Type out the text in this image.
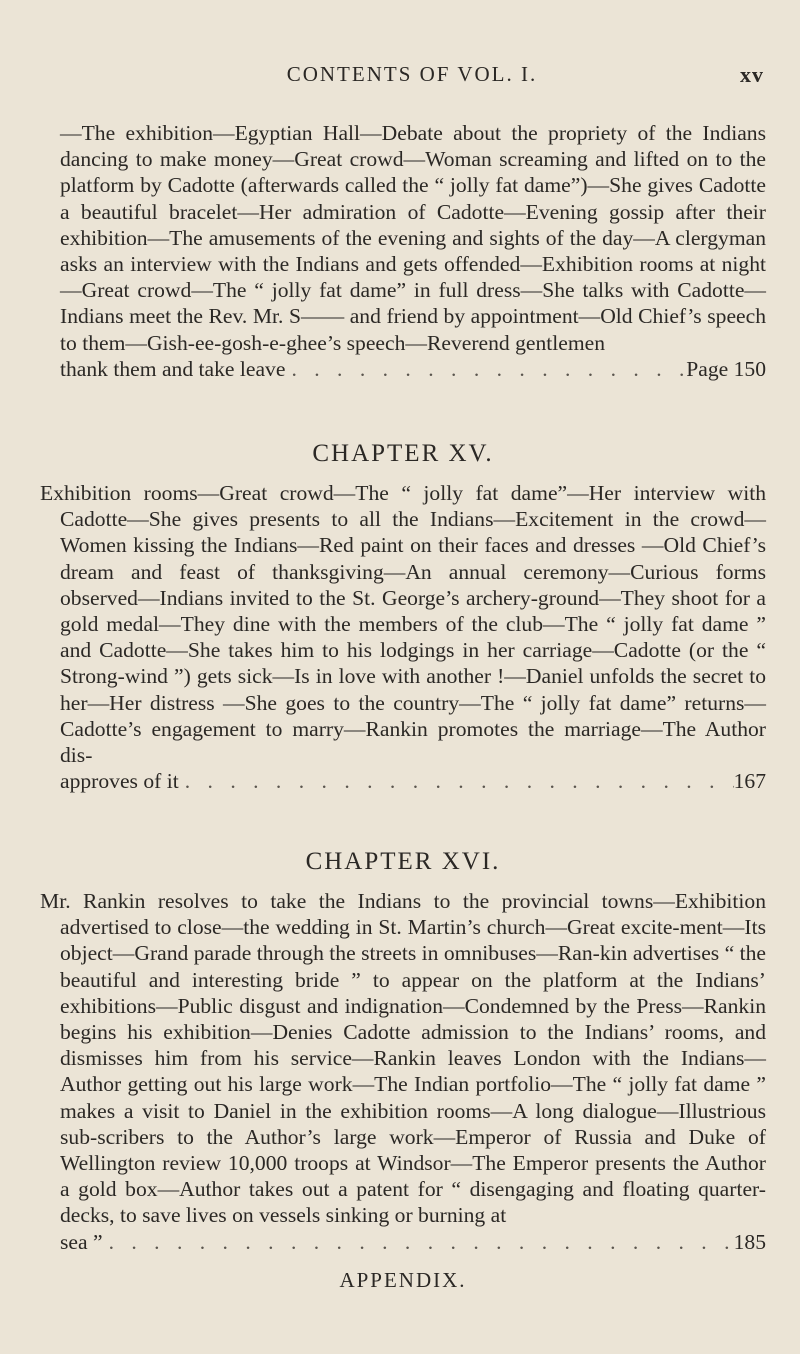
CONTENTS OF VOL. I.	xv

—The exhibition—Egyptian Hall—Debate about the propriety of the Indians dancing to make money—Great crowd—Woman screaming and lifted on to the platform by Cadotte (afterwards called the “ jolly fat dame”)—She gives Cadotte a beautiful bracelet—Her admiration of Cadotte—Evening gossip after their exhibition—The amusements of the evening and sights of the day—A clergyman asks an interview with the Indians and gets offended—Exhibition rooms at night—Great crowd—The “ jolly fat dame” in full dress—She talks with Cadotte—Indians meet the Rev. Mr. S—— and friend by appointment—Old Chief’s speech to them—Gish-ee-gosh-e-ghee’s speech—Reverend gentlemen

thank them and take leave . . .	Page 150
CHAPTER XV.

Exhibition rooms—Great crowd—The “ jolly fat dame”—Her interview with Cadotte—She gives presents to all the Indians—Excitement in the crowd—Women kissing the Indians—Red paint on their faces and dresses —Old Chief’s dream and feast of thanksgiving—An annual ceremony—Curious forms observed—Indians invited to the St. George’s archery-ground—They shoot for a gold medal—They dine with the members of the club—The “ jolly fat dame ” and Cadotte—She takes him to his lodgings in her carriage—Cadotte (or the “ Strong-wind ”) gets sick—Is in love with another !—Daniel unfolds the secret to her—Her distress —She goes to the country—The “ jolly fat dame” returns—Cadotte’s engagement to marry—Rankin promotes the marriage—The Author dis-

approves of it . . .	167
CHAPTER XVI.

Mr. Rankin resolves to take the Indians to the provincial towns—Exhibition advertised to close—the wedding in St. Martin’s church—Great excite-ment—Its object—Grand parade through the streets in omnibuses—Ran-kin advertises “ the beautiful and interesting bride ” to appear on the platform at the Indians’ exhibitions—Public disgust and indignation—Condemned by the Press—Rankin begins his exhibition—Denies Cadotte admission to the Indians’ rooms, and dismisses him from his service—Rankin leaves London with the Indians—Author getting out his large work—The Indian portfolio—The “ jolly fat dame ” makes a visit to Daniel in the exhibition rooms—A long dialogue—Illustrious sub-scribers to the Author’s large work—Emperor of Russia and Duke of Wellington review 10,000 troops at Windsor—The Emperor presents the Author a gold box—Author takes out a patent for “ disengaging and floating quarter-decks, to save lives on vessels sinking or burning at

sea ” . . .	185
APPENDIX.
